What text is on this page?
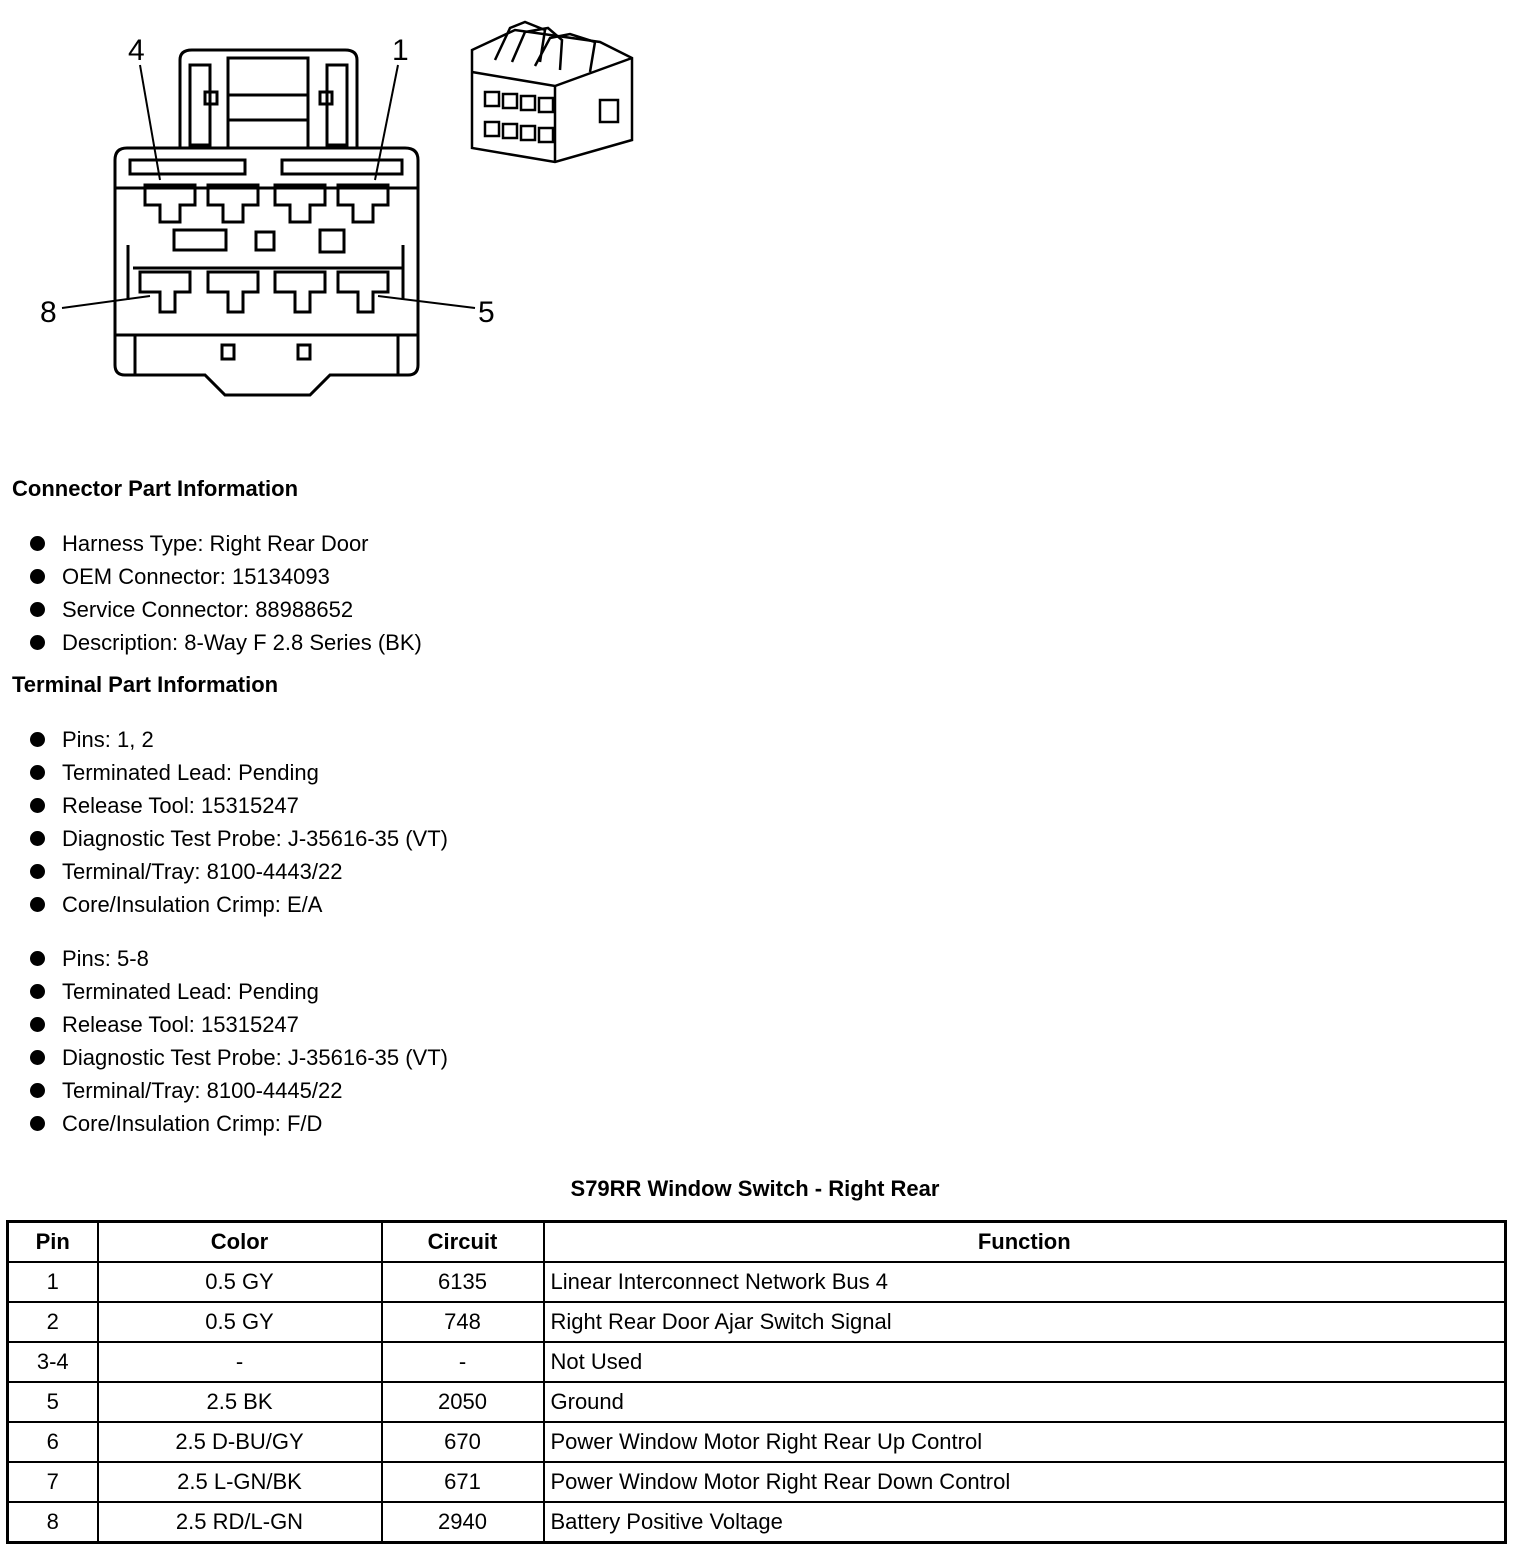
4	1
8	5
Connector Part Information
Harness Type: Right Rear Door
OEM Connector: 15134093
Service Connector: 88988652
Description: 8-Way F 2.8 Series (BK)
Terminal Part Information
Pins: 1, 2
Terminated Lead: Pending
Release Tool: 15315247
Diagnostic Test Probe: J-35616-35 (VT)
Terminal/Tray: 8100-4443/22
Core/Insulation Crimp: E/A
Pins: 5-8
Terminated Lead: Pending
Release Tool: 15315247
Diagnostic Test Probe: J-35616-35 (VT)
Terminal/Tray: 8100-4445/22
Core/Insulation Crimp: F/D
S79RR Window Switch - Right Rear
Pin	Color	Circuit	Function
1	0.5 GY	6135	Linear Interconnect Network Bus 4
2	0.5 GY	748	Right Rear Door Ajar Switch Signal
3-4	-	-	Not Used
5	2.5 BK	2050	Ground
6	2.5 D-BU/GY	670	Power Window Motor Right Rear Up Control
7	2.5 L-GN/BK	671	Power Window Motor Right Rear Down Control
8	2.5 RD/L-GN	2940	Battery Positive Voltage
